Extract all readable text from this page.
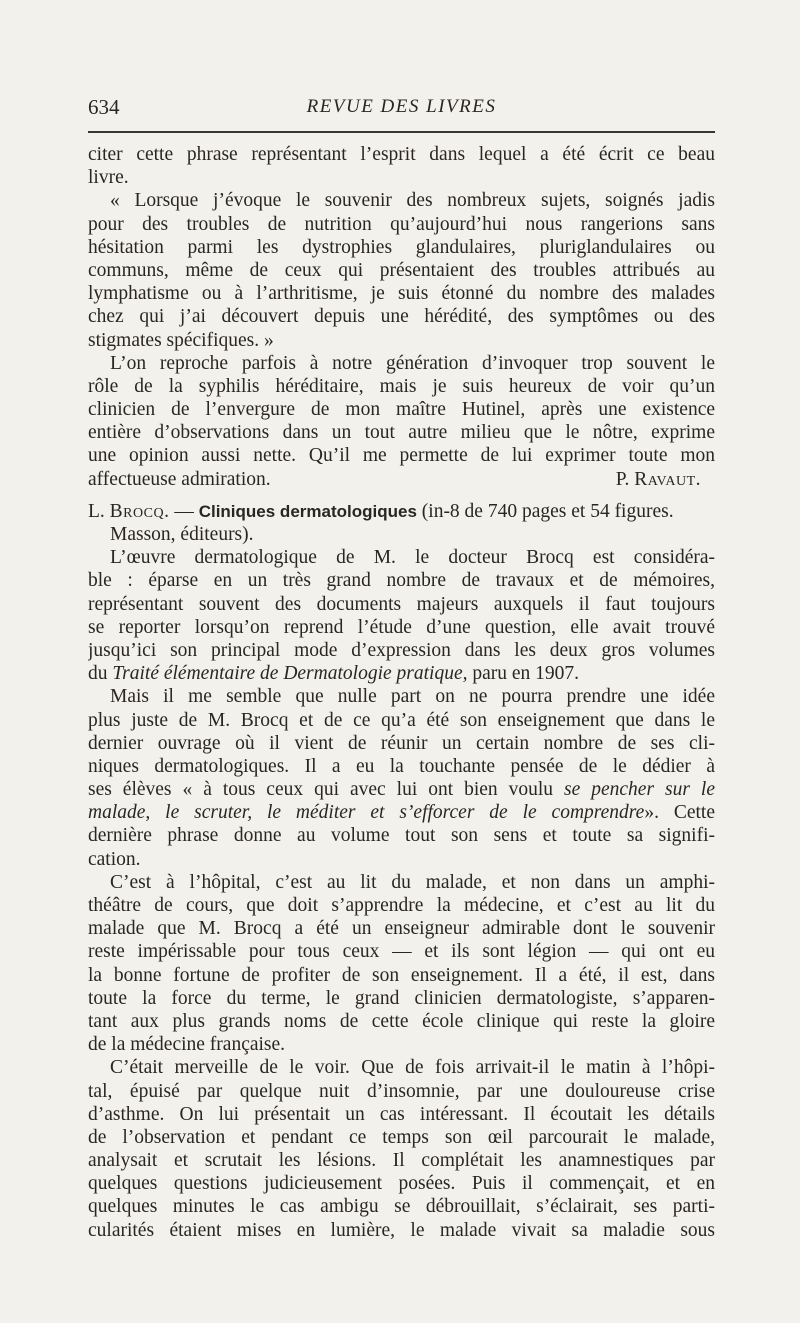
634	REVUE DES LIVRES
citer cette phrase représentant l’esprit dans lequel a été écrit ce beau
livre.
« Lorsque j’évoque le souvenir des nombreux sujets, soignés jadis
pour des troubles de nutrition qu’aujourd’hui nous rangerions sans
hésitation parmi les dystrophies glandulaires, pluriglandulaires ou
communs, même de ceux qui présentaient des troubles attribués au
lymphatisme ou à l’arthritisme, je suis étonné du nombre des malades
chez qui j’ai découvert depuis une hérédité, des symptômes ou des
stigmates spécifiques. »
L’on reproche parfois à notre génération d’invoquer trop souvent le
rôle de la syphilis héréditaire, mais je suis heureux de voir qu’un
clinicien de l’envergure de mon maître Hutinel, après une existence
entière d’observations dans un tout autre milieu que le nôtre, exprime
une opinion aussi nette. Qu’il me permette de lui exprimer toute mon
affectueuse admiration.	P. Ravaut.
L. Brocq. — Cliniques dermatologiques (in-8 de 740 pages et 54 figures.
Masson, éditeurs).
L’œuvre dermatologique de M. le docteur Brocq est considéra-
ble : éparse en un très grand nombre de travaux et de mémoires,
représentant souvent des documents majeurs auxquels il faut toujours
se reporter lorsqu’on reprend l’étude d’une question, elle avait trouvé
jusqu’ici son principal mode d’expression dans les deux gros volumes
du Traité élémentaire de Dermatologie pratique, paru en 1907.
Mais il me semble que nulle part on ne pourra prendre une idée
plus juste de M. Brocq et de ce qu’a été son enseignement que dans le
dernier ouvrage où il vient de réunir un certain nombre de ses cli-
niques dermatologiques. Il a eu la touchante pensée de le dédier à
ses élèves « à tous ceux qui avec lui ont bien voulu se pencher sur le
malade, le scruter, le méditer et s’efforcer de le comprendre». Cette
dernière phrase donne au volume tout son sens et toute sa signifi-
cation.
C’est à l’hôpital, c’est au lit du malade, et non dans un amphi-
théâtre de cours, que doit s’apprendre la médecine, et c’est au lit du
malade que M. Brocq a été un enseigneur admirable dont le souvenir
reste impérissable pour tous ceux — et ils sont légion — qui ont eu
la bonne fortune de profiter de son enseignement. Il a été, il est, dans
toute la force du terme, le grand clinicien dermatologiste, s’apparen-
tant aux plus grands noms de cette école clinique qui reste la gloire
de la médecine française.
C’était merveille de le voir. Que de fois arrivait-il le matin à l’hôpi-
tal, épuisé par quelque nuit d’insomnie, par une douloureuse crise
d’asthme. On lui présentait un cas intéressant. Il écoutait les détails
de l’observation et pendant ce temps son œil parcourait le malade,
analysait et scrutait les lésions. Il complétait les anamnestiques par
quelques questions judicieusement posées. Puis il commençait, et en
quelques minutes le cas ambigu se débrouillait, s’éclairait, ses parti-
cularités étaient mises en lumière, le malade vivait sa maladie sous
